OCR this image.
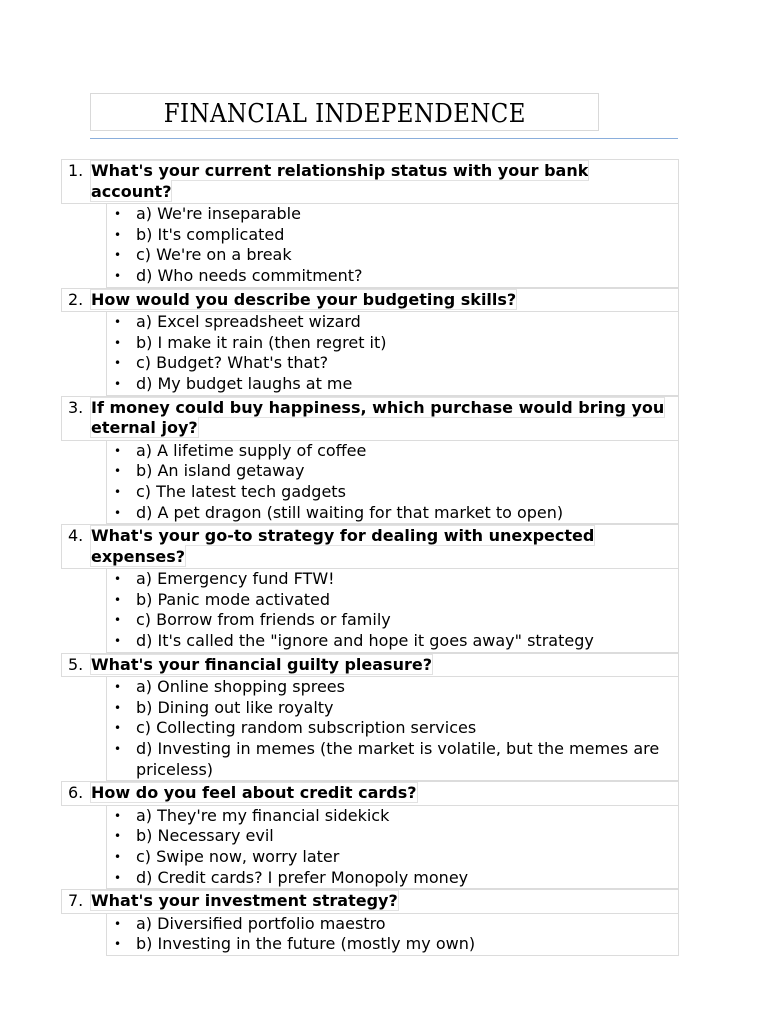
FINANCIAL INDEPENDENCE
1. What's your current relationship status with your bank account?
• a) We're inseparable
• b) It's complicated
• c) We're on a break
• d) Who needs commitment?
2. How would you describe your budgeting skills?
• a) Excel spreadsheet wizard
• b) I make it rain (then regret it)
• c) Budget? What's that?
• d) My budget laughs at me
3. If money could buy happiness, which purchase would bring you eternal joy?
• a) A lifetime supply of coffee
• b) An island getaway
• c) The latest tech gadgets
• d) A pet dragon (still waiting for that market to open)
4. What's your go-to strategy for dealing with unexpected expenses?
• a) Emergency fund FTW!
• b) Panic mode activated
• c) Borrow from friends or family
• d) It's called the "ignore and hope it goes away" strategy
5. What's your financial guilty pleasure?
• a) Online shopping sprees
• b) Dining out like royalty
• c) Collecting random subscription services
• d) Investing in memes (the market is volatile, but the memes are priceless)
6. How do you feel about credit cards?
• a) They're my financial sidekick
• b) Necessary evil
• c) Swipe now, worry later
• d) Credit cards? I prefer Monopoly money
7. What's your investment strategy?
• a) Diversified portfolio maestro
• b) Investing in the future (mostly my own)
